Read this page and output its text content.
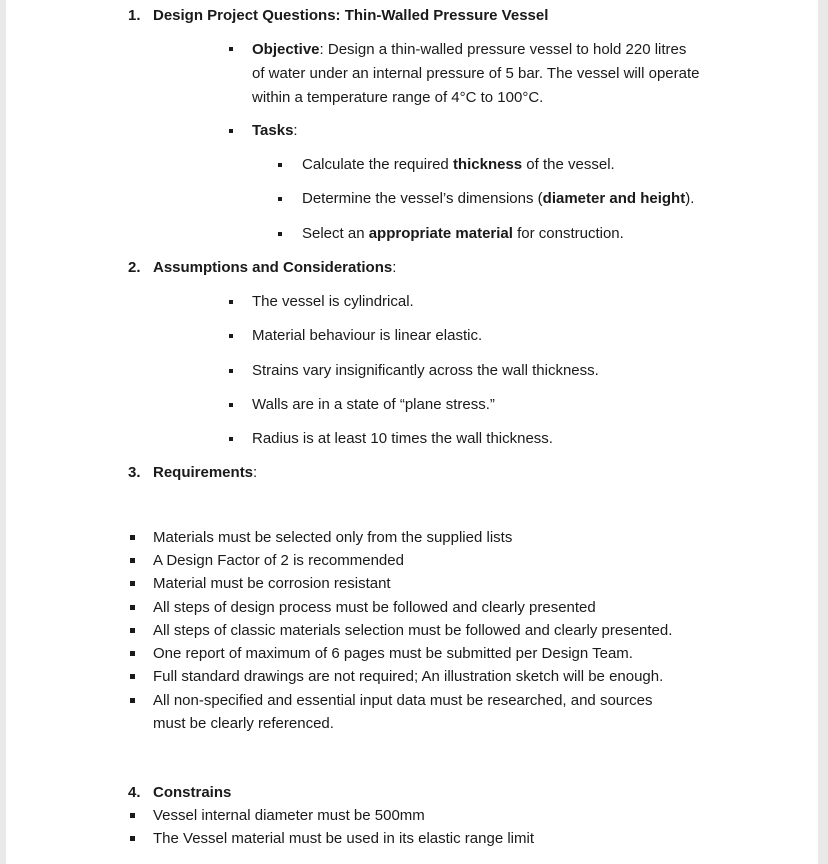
1. Design Project Questions: Thin-Walled Pressure Vessel
Objective: Design a thin-walled pressure vessel to hold 220 litres
of water under an internal pressure of 5 bar. The vessel will operate
within a temperature range of 4°C to 100°C.
Tasks:
Calculate the required thickness of the vessel.
Determine the vessel’s dimensions (diameter and height).
Select an appropriate material for construction.
2. Assumptions and Considerations:
The vessel is cylindrical.
Material behaviour is linear elastic.
Strains vary insignificantly across the wall thickness.
Walls are in a state of “plane stress.”
Radius is at least 10 times the wall thickness.
3. Requirements:
Materials must be selected only from the supplied lists
A Design Factor of 2 is recommended
Material must be corrosion resistant
All steps of design process must be followed and clearly presented
All steps of classic materials selection must be followed and clearly presented.
One report of maximum of 6 pages must be submitted per Design Team.
Full standard drawings are not required; An illustration sketch will be enough.
All non-specified and essential input data must be researched, and sources
must be clearly referenced.
4. Constrains
Vessel internal diameter must be 500mm
The Vessel material must be used in its elastic range limit
